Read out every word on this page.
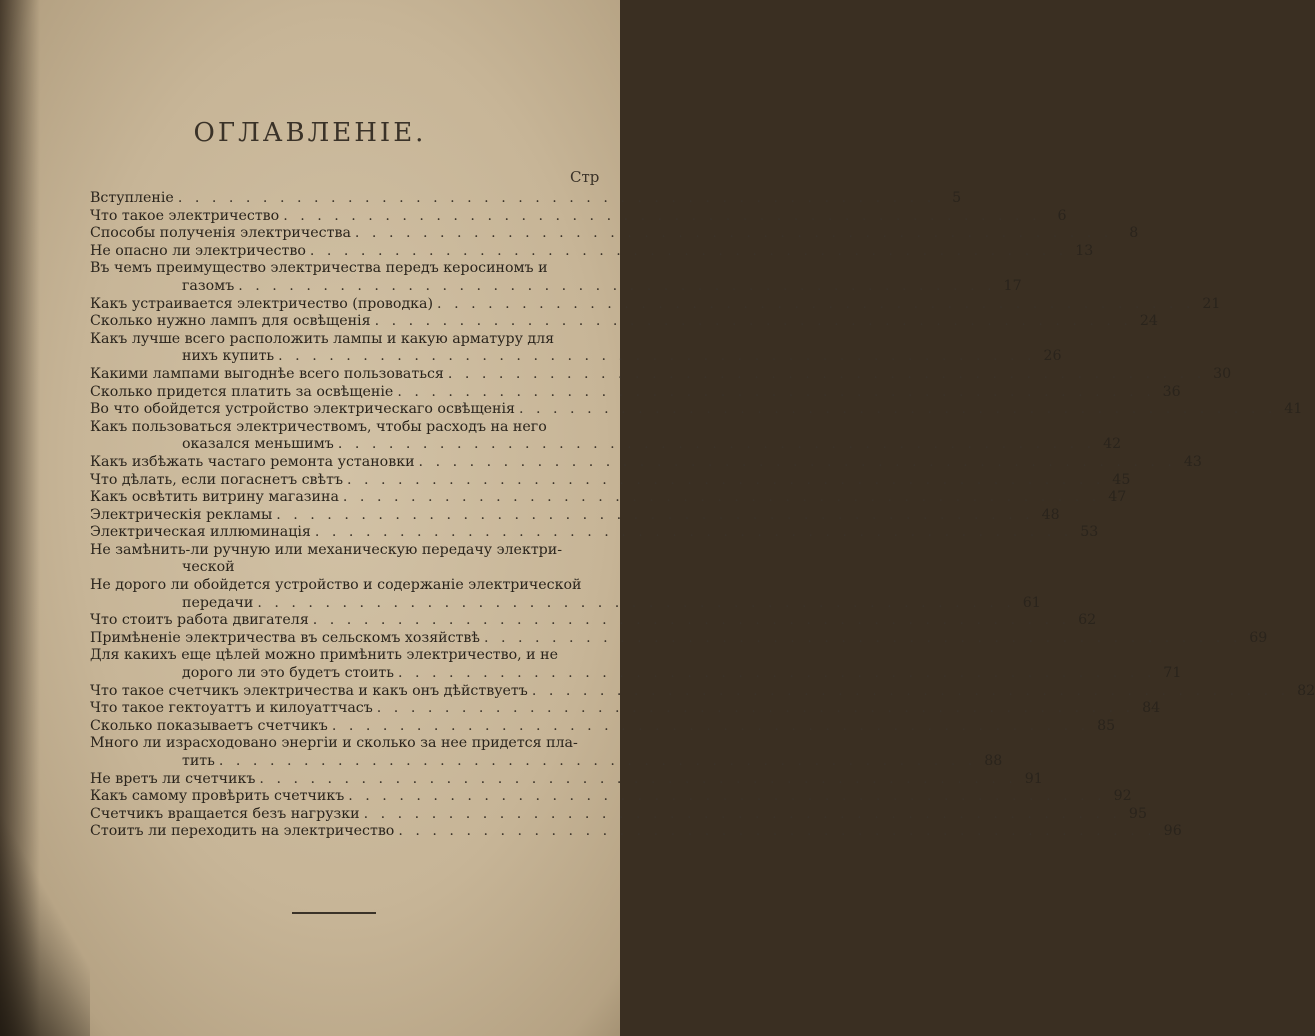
ОГЛАВЛЕНIЕ.
Стр
Вступленіе . . . . . . . . . . . . . . . . . . . . . . . . . . . . . . . . . . . . . . . . . . . . .	5
Что такое электричество . . . . . . . . . . . . . . . . . . . . . . . . . . . . . . . . . . . . . . . . . . . . .	6
Способы полученія электричества . . . . . . . . . . . . . . . . . . . . . . . . . . . . . . . . . . . . . . . . . . . . .	8
Не опасно ли электричество . . . . . . . . . . . . . . . . . . . . . . . . . . . . . . . . . . . . . . . . . . . . . 13
Въ чемъ преимущество электричества передъ керосиномъ и
газомъ . . . . . . . . . . . . . . . . . . . . . . . . . . . . . . . . . . . . . . . . . . . . . 17
Какъ устраивается электричество (проводка) . . . . . . . . . . . . . . . . . . . . . . . . . . . . . . . . . . . . . . . . . . . . . 21
Сколько нужно лампъ для освѣщенія . . . . . . . . . . . . . . . . . . . . . . . . . . . . . . . . . . . . . . . . . . . . . 24
Какъ лучше всего расположить лампы и какую арматуру для
нихъ купить . . . . . . . . . . . . . . . . . . . . . . . . . . . . . . . . . . . . . . . . . . . . . 26
Какими лампами выгоднѣе всего пользоваться . . . . . . . . . . . . . . . . . . . . . . . . . . . . . . . . . . . . . . . . . . . . . 30
Сколько придется платить за освѣщеніе . . . . . . . . . . . . . . . . . . . . . . . . . . . . . . . . . . . . . . . . . . . . . 36
Во что обойдется устройство электрическаго освѣщенія . . . . . . . . . . . . . . . . . . . . . . . . . . . . . . . . . . . . . . . . . . . . . 41
Какъ пользоваться электричествомъ, чтобы расходъ на него
оказался меньшимъ . . . . . . . . . . . . . . . . . . . . . . . . . . . . . . . . . . . . . . . . . . . . . 42
Какъ избѣжать частаго ремонта установки . . . . . . . . . . . . . . . . . . . . . . . . . . . . . . . . . . . . . . . . . . . . . 43
Что дѣлать, если погаснетъ свѣтъ . . . . . . . . . . . . . . . . . . . . . . . . . . . . . . . . . . . . . . . . . . . . . 45
Какъ освѣтить витрину магазина . . . . . . . . . . . . . . . . . . . . . . . . . . . . . . . . . . . . . . . . . . . . . 47
Электрическія рекламы . . . . . . . . . . . . . . . . . . . . . . . . . . . . . . . . . . . . . . . . . . . . . 48
Электрическая иллюминація . . . . . . . . . . . . . . . . . . . . . . . . . . . . . . . . . . . . . . . . . . . . . 53
Не замѣнить-ли ручную или механическую передачу электри-
ческой
Не дорого ли обойдется устройство и содержаніе электрической
передачи . . . . . . . . . . . . . . . . . . . . . . . . . . . . . . . . . . . . . . . . . . . . . 61
Что стоитъ работа двигателя . . . . . . . . . . . . . . . . . . . . . . . . . . . . . . . . . . . . . . . . . . . . . 62
Примѣненіе электричества въ сельскомъ хозяйствѣ . . . . . . . . . . . . . . . . . . . . . . . . . . . . . . . . . . . . . . . . . . . . . 69
Для какихъ еще цѣлей можно примѣнить электричество, и не
дорого ли это будетъ стоить . . . . . . . . . . . . . . . . . . . . . . . . . . . . . . . . . . . . . . . . . . . . . 71
Что такое счетчикъ электричества и какъ онъ дѣйствуетъ . . . . . . . . . . . . . . . . . . . . . . . . . . . . . . . . . . . . . . . . . . . . . 82
Что такое гектоуаттъ и килоуаттчасъ . . . . . . . . . . . . . . . . . . . . . . . . . . . . . . . . . . . . . . . . . . . . . 84
Сколько показываетъ счетчикъ . . . . . . . . . . . . . . . . . . . . . . . . . . . . . . . . . . . . . . . . . . . . . 85
Много ли израсходовано энергіи и сколько за нее придется пла-
тить . . . . . . . . . . . . . . . . . . . . . . . . . . . . . . . . . . . . . . . . . . . . . 88
Не вретъ ли счетчикъ . . . . . . . . . . . . . . . . . . . . . . . . . . . . . . . . . . . . . . . . . . . . . 91
Какъ самому провѣрить счетчикъ . . . . . . . . . . . . . . . . . . . . . . . . . . . . . . . . . . . . . . . . . . . . . 92
Счетчикъ вращается безъ нагрузки . . . . . . . . . . . . . . . . . . . . . . . . . . . . . . . . . . . . . . . . . . . . . 95
Стоитъ ли переходить на электричество . . . . . . . . . . . . . . . . . . . . . . . . . . . . . . . . . . . . . . . . . . . . . 96
